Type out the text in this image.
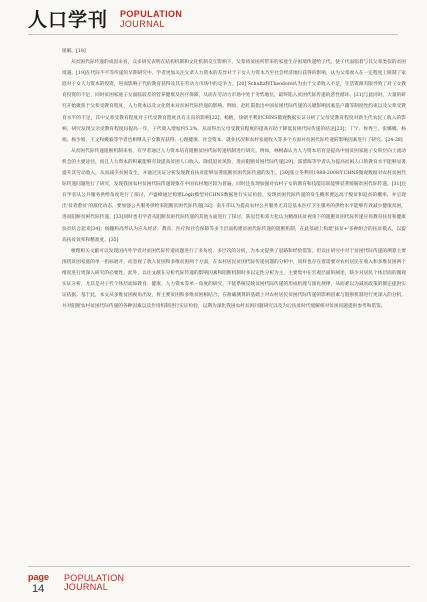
人口学刊 POPULATION
JOURNAL

缓解。[18]

从贫困代际传递的成因来看，众多研究表明在结构机制和文化机制交互影响下，父辈将贫困所带来的家庭生存困境传递给子代，使子代面临着与其父辈类似的贫困境遇。[19]在代际不平等传递的早期研究中，学者更加关注父辈人力资本的差异对于子女人力资本乃至社会经济地位获得的影响，认为父辈收入在一定程度上限制了家庭对子女人力资本的投资，进而影响子代的教育获得及其在劳动力市场中的竞争力。[20] Schultz和Theodore认为由于父辈收入不足，生活资源有限导致了对子女教育投资的不足，同时贫困家庭子女面临较差的营养健康及医疗保障，从而在劳动力市场中处于劣势地位，最终陷入贫困代际传递的恶性循环。[21]与此同时，大量的研究开始聚焦于父辈受教育程度、人力资本以及文化资本对贫困代际传递的影响。例如，赵红霞指出中国贫困代际传递的关键影响因素是户籍等制度性约束以及父辈受教育水平的不足，其中父辈受教育程度对子代受教育程度具有正向的影响[22]；杨帆，徐朝平利用CHNS微观数据实证分析了父母受教育程度对新生代农民工收入的影响，研究发现父亲受教育程度每提高一年，子代收入增加约5.2%，从而得出父母受教育程度的提高有助于降低贫困代际传递的结论[23]；丁宁、侯秀兰、张娜娜、杨娟、杨少娟、王文和姚毅等学者也相继从子女教育获得、心理健康、社会资本、就业状况和农村家庭收入等多个方面对贫困代际传递的影响因素进行了研究。[24-28]

从贫困代际传递阻断机制来看，有学者通过人力资本培育阻断贫困代际传递机制进行研究。例如，林相森认为人力资本培育是提高中国贫困家庭子女阶层向上流动机会的主要途径，而且人力资本的积累能够有效提高贫困人口收入、降低返贫风险，进而阻断贫困代际传递[29]；邵赟晖等学者认为提高贫困人口的教育水平能够显著提升其劳动收入，从而减少贫困发生，并通过实证分析发现教育扶贫能够显著阻断贫困代际传递的发生。[30]张立冬利用1988-2008年CHNS微观数据对农村贫困代际传递问题进行了研究，发现我国农村贫困代际传递现象在中国农村地区较为普遍，同时还发现加强对农村子女的教育和技能培训能够显著缓解贫困代际传递。[31]还有学者从公共服务供给角度进行了探讨，卢盛峰通过构建Logit模型对CHNS数据进行实证检验，发现贫困代际传递的发生概率要远高于脱贫和返贫的概率，并呈现出'贫者愈贫'的演化动态，要加强公共服务供给来阻断贫困代际传递[32]；张车伟认为提高农村公共服务尤其是基本医疗卫生服务的供给水平能够有效减少健康贫困，进而阻断贫困代际传递。[33]同时也有学者从阻断贫困代际传递的其他方面进行了探讨，陈星佳和邓大松认为精准扶贫视角下的阻断贫困代际传递应将教育扶贫和健康扶贫结合起来[34]；杨穗和高琴认为应从经济、教育、医疗和社会保障等多个层面构建贫困代际传递的阻断机制，在此基础上构建'扶贫+'多种组合的扶贫模式，以提高扶贫效率和精准度。[35]

梳理相关文献可以发现国内外学者对贫困代际传递问题进行了多角度、多层次的分析，为本文提供了思路和经验借鉴。但以往研究中对于贫困代际传递的测算主要围绕贫困家庭的单一指标展开，而忽视了收入贫困和多维贫困两个方面，在农村居民贫困代际传递问题的分析中，同样也存在着需要对农村居民在收入和多维贫困两个维度进行更深入研究的必要性。此外，以往文献在分析代际传递的影响因素和阻断机制时多以定性分析为主，主要集中在宏观层面的阐述，缺少对居民个体层面的微观实证分析，尤其是对子代个体层面如教育、健康、人力资本等单一角度的研究，不能系统反映贫困代际传递的形成机理与演化规律，从而难以为减贫政策的制定提供实证依据。基于此，本文从多维贫困视角出发，将主要贫困和多维贫困相结合，在准确测算的基础上对农村居民贫困代际传递的影响因素与阻断机制进行更深入的分析，并对阻断农村贫困代际传递的各种因素以及作用机制进行实证检验，以期为深化我国农村贫困问题研究以及为后扶贫时代缓解相对贫困问题提供参考和借鉴。

page
14
POPULATION
JOURNAL
